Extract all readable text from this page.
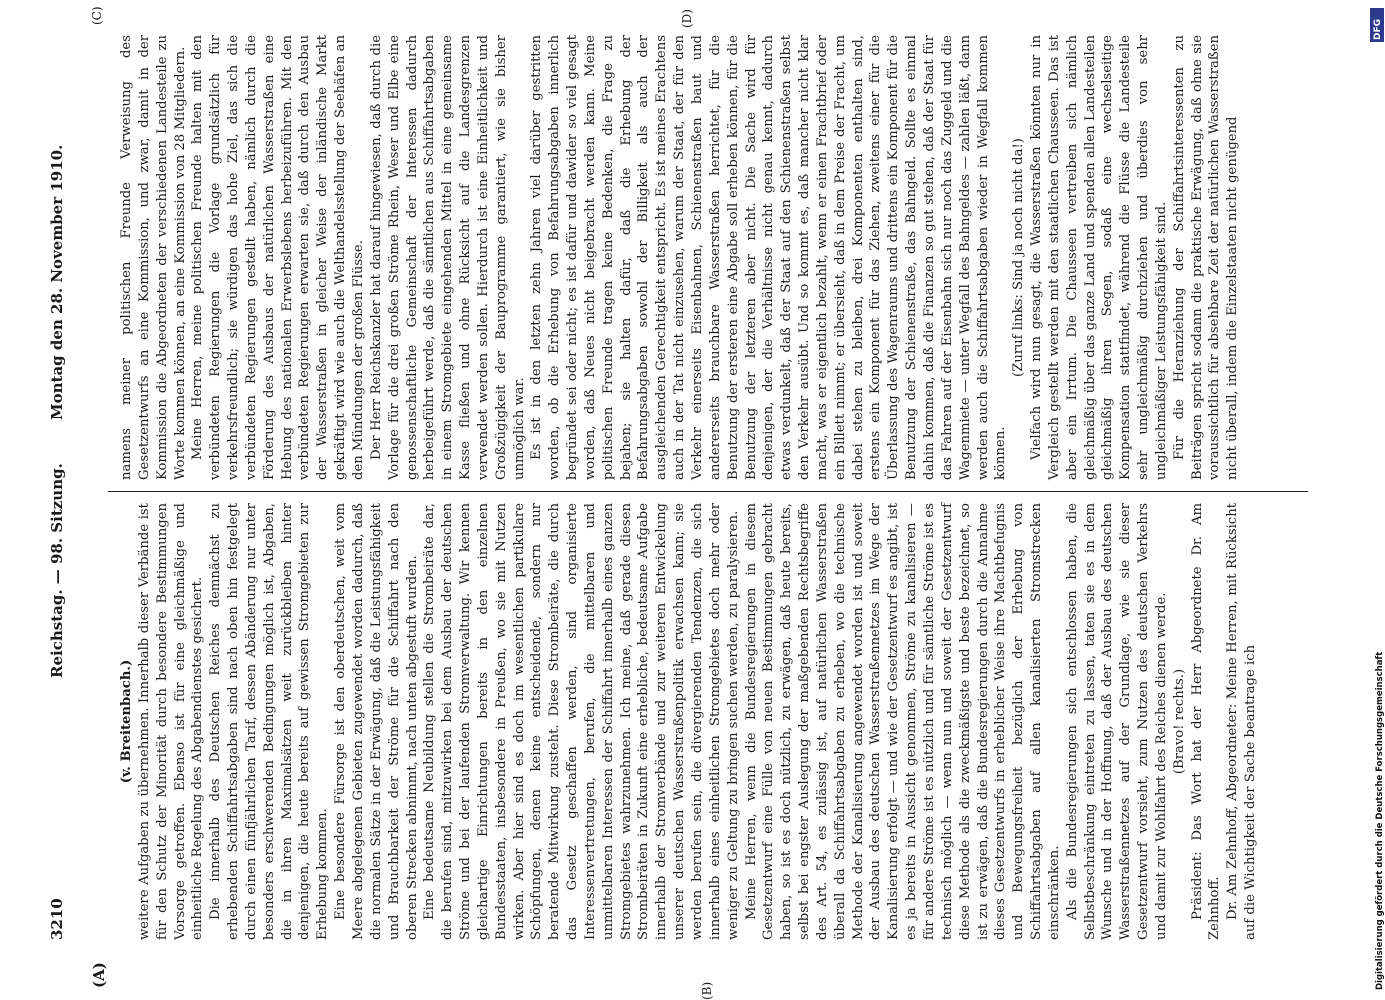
3210
Reichstag. — 98. Sitzung.
Montag den 28. November 1910.
(A)
(B)
(C)	(D)

(v. Breitenbach.) weitere Aufgaben zu übernehmen. Innerhalb dieser Verbände ist für den Schutz der Minorität durch besondere Bestimmungen Vorsorge getroffen. Ebenso ist für eine gleichmäßige und einheitliche Regelung des Abgabendienstes gesichert. Die innerhalb des Deutschen Reiches demnächst zu erhebenden Schiffahrtsabgaben sind nach oben hin festgelegt durch einen fünfjährlichen Tarif, dessen Abänderung nur unter besonders erschwerenden Bedingungen möglich ist, Abgaben, die in ihren Maximalsätzen weit zurückbleiben hinter denjenigen, die heute bereits auf gewissen Stromgebieten zur Erhebung kommen. Eine besondere Fürsorge ist den oberdeutschen, weit vom Meere abgelegenen Gebieten zugewendet worden dadurch, daß die normalen Sätze in der Erwägung, daß die Leistungsfähigkeit und Brauchbarkeit der Ströme für die Schiffahrt nach den oberen Strecken abnimmt, nach unten abgestuft wurden. Eine bedeutsame Neubildung stellen die Strombeiräte dar, die berufen sind, mitzuwirken bei dem Ausbau der deutschen Ströme und bei der laufenden Stromverwaltung. Wir kennen gleichartige Einrichtungen bereits in den einzelnen Bundesstaaten, insbesondere in Preußen, wo sie mit Nutzen wirken. Aber hier sind es doch im wesentlichen partikulare Schöpfungen, denen keine entscheidende, sondern nur beratende Mitwirkung zusteht. Diese Strombeiräte, die durch das Gesetz geschaffen werden, sind organisierte Interessenvertretungen, berufen, die mittelbaren und unmittelbaren Interessen der Schiffahrt innerhalb eines ganzen Stromgebietes wahrzunehmen. Ich meine, daß gerade diesen Strombeiräten in Zukunft eine erhebliche, bedeutsame Aufgabe innerhalb der Stromverbände und zur weiteren Entwickelung unserer deutschen Wasserstraßenpolitik erwachsen kann; sie werden berufen sein, die divergierenden Tendenzen, die sich innerhalb eines einheitlichen Stromgebietes doch mehr oder weniger zu Geltung zu bringen suchen werden, zu paralysieren. Meine Herren, wenn die Bundesregierungen in diesem Gesetzentwurf eine Fülle von neuen Bestimmungen gebracht haben, so ist es doch nützlich, zu erwägen, daß heute bereits, selbst bei engster Auslegung der maßgebenden Rechtsbegriffe des Art. 54, es zulässig ist, auf natürlichen Wasserstraßen überall da Schiffahrtsabgaben zu erheben, wo die technische Methode der Kanalisierung angewendet worden ist und soweit der Ausbau des deutschen Wasserstraßennetzes im Wege der Kanalisierung erfolgt — und wie der Gesetzentwurf es angibt, ist es ja bereits in Aussicht genommen, Ströme zu kanalisieren — für andere Ströme ist es nützlich und für sämtliche Ströme ist es technisch möglich — wenn nun und soweit der Gesetzentwurf diese Methode als die zweckmäßigste und beste bezeichnet, so ist zu erwägen, daß die Bundesregierungen durch die Annahme dieses Gesetzentwurfs in erheblicher Weise ihre Machtbefugnis und Bewegungsfreiheit bezüglich der Erhebung von Schiffahrtsabgaben auf allen kanalisierten Stromstrecken einschränken. Als die Bundesregierungen sich entschlossen haben, die Selbstbeschränkung eintreten zu lassen, taten sie es in dem Wunsche und in der Hoffnung, daß der Ausbau des deutschen Wasserstraßennetzes auf der Grundlage, wie sie dieser Gesetzentwurf vorsieht, zum Nutzen des deutschen Verkehrs und damit zur Wohlfahrt des Reiches dienen werde. (Bravo! rechts.) Präsident: Das Wort hat der Herr Abgeordnete Dr. Am Zehnhoff. Dr. Am Zehnhoff, Abgeordneter: Meine Herren, mit Rücksicht auf die Wichtigkeit der Sache beantrage ich

namens meiner politischen Freunde Verweisung des Gesetzentwurfs an eine Kommission, und zwar, damit in der Kommission die Abgeordneten der verschiedenen Landesteile zu Worte kommen können, an eine Kommission von 28 Mitgliedern. Meine Herren, meine politischen Freunde halten mit den verbündeten Regierungen die Vorlage grundsätzlich für verkehrsfreundlich; sie würdigen das hohe Ziel, das sich die verbündeten Regierungen gestellt haben, nämlich durch die Förderung des Ausbaus der natürlichen Wasserstraßen eine Hebung des nationalen Erwerbslebens herbeizuführen. Mit den verbündeten Regierungen erwarten sie, daß durch den Ausbau der Wasserstraßen in gleicher Weise der inländische Markt gekräftigt wird wie auch die Welthandelsstellung der Seehäfen an den Mündungen der großen Flüsse. Der Herr Reichskanzler hat darauf hingewiesen, daß durch die Vorlage für die drei großen Ströme Rhein, Weser und Elbe eine genossenschaftliche Gemeinschaft der Interessen dadurch herbeigeführt werde, daß die sämtlichen aus Schiffahrtsabgaben in einem Stromgebiete eingehenden Mittel in eine gemeinsame Kasse fließen und ohne Rücksicht auf die Landesgrenzen verwendet werden sollen. Hierdurch ist eine Einheitlichkeit und Großzügigkeit der Bauprogramme garantiert, wie sie bisher unmöglich war. Es ist in den letzten zehn Jahren viel darüber gestritten worden, ob die Erhebung von Befahrungsabgaben innerlich begründet sei oder nicht; es ist dafür und dawider so viel gesagt worden, daß Neues nicht beigebracht werden kann. Meine politischen Freunde tragen keine Bedenken, die Frage zu bejahen; sie halten dafür, daß die Erhebung der Befahrungsabgaben sowohl der Billigkeit als auch der ausgleichenden Gerechtigkeit entspricht. Es ist meines Erachtens auch in der Tat nicht einzusehen, warum der Staat, der für den Verkehr einerseits Eisenbahnen, Schienenstraßen baut und andererseits brauchbare Wasserstraßen herrichtet, für die Benutzung der ersteren eine Abgabe soll erheben können, für die Benutzung der letzteren aber nicht. Die Sache wird für denjenigen, der die Verhältnisse nicht genau kennt, dadurch etwas verdunkelt, daß der Staat auf den Schienenstraßen selbst den Verkehr ausübt. Und so kommt es, daß mancher nicht klar macht, was er eigentlich bezahlt, wenn er einen Frachtbrief oder ein Billett nimmt; er übersieht, daß in dem Preise der Fracht, um dabei stehen zu bleiben, drei Komponenten enthalten sind, erstens ein Komponent für das Ziehen, zweitens einer für die Überlassung des Wagenraums und drittens ein Komponent für die Benutzung der Schienenstraße, das Bahngeld. Sollte es einmal dahin kommen, daß die Finanzen so gut stehen, daß der Staat für das Fahren auf der Eisenbahn sich nur noch das Zuggeld und die Wagenmiete — unter Wegfall des Bahngeldes — zahlen läßt, dann werden auch die Schiffahrtsabgaben wieder in Wegfall kommen können.

(Zuruf links: Sind ja noch nicht da!) Vielfach wird nun gesagt, die Wasserstraßen könnten nur in Vergleich gestellt werden mit den staatlichen Chausseen. Das ist aber ein Irrtum. Die Chausseen vertreiben sich nämlich gleichmäßig über das ganze Land und spenden allen Landesteilen gleichmäßig ihren Segen, sodaß eine wechselseitige Kompensation stattfindet, während die Flüsse die Landesteile sehr ungleichmäßig durchziehen und überdies von sehr ungleichmäßiger Leistungsfähigkeit sind. Für die Heranziehung der Schiffahrtsinteressenten zu Beiträgen spricht sodann die praktische Erwägung, daß ohne sie voraussichtlich für absehbare Zeit der natürlichen Wasserstraßen nicht überall, indem die Einzelstaaten nicht genügend

DFG
Digitalisierung gefördert durch die Deutsche Forschungsgemeinschaft
